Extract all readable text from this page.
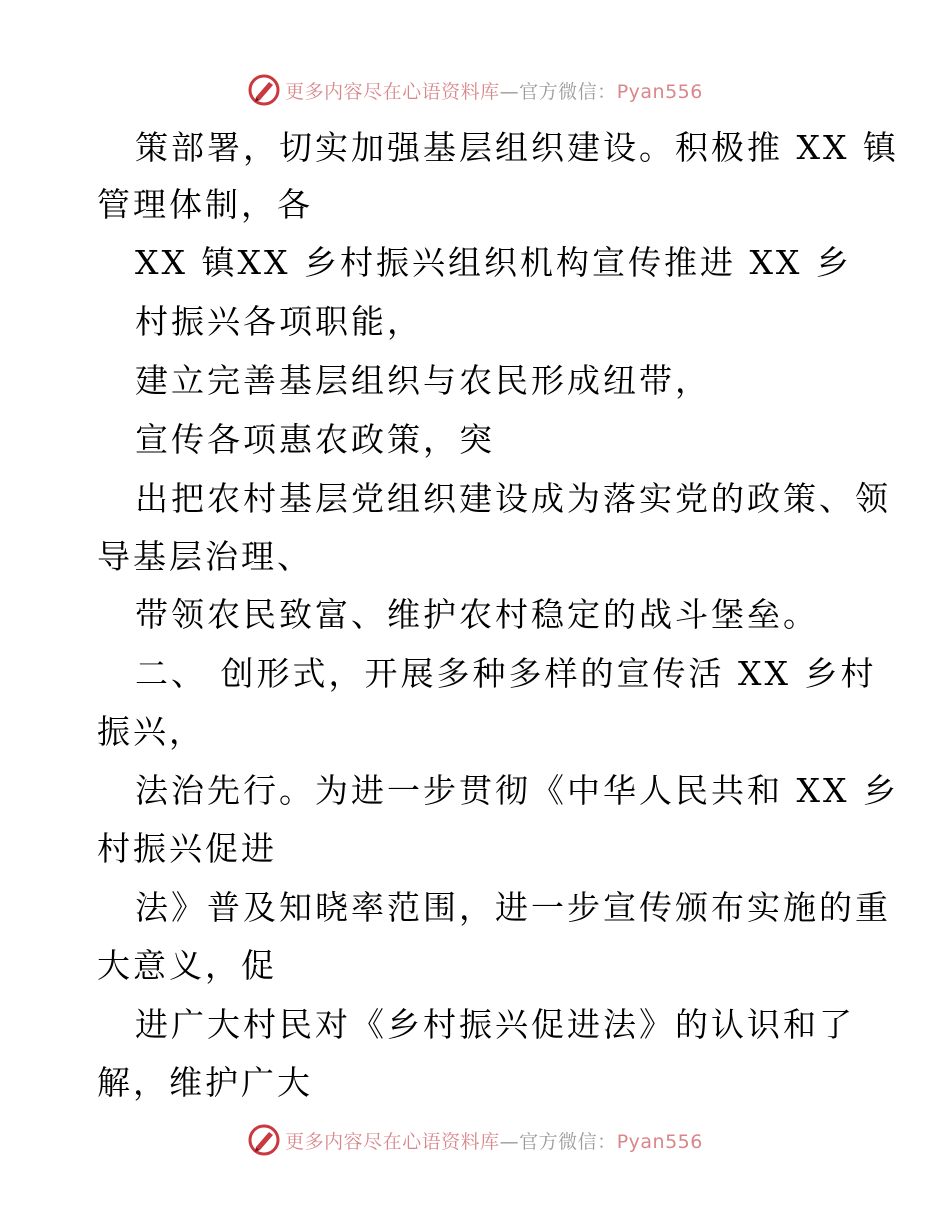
更多内容尽在心语资料库—官方微信：Pyan556

策部署，切实加强基层组织建设。积极推 XX 镇

管理体制，各

XX 镇XX 乡村振兴组织机构宣传推进 XX 乡

村振兴各项职能，

建立完善基层组织与农民形成纽带，

宣传各项惠农政策，突

出把农村基层党组织建设成为落实党的政策、领

导基层治理、

带领农民致富、维护农村稳定的战斗堡垒。

二、 创形式，开展多种多样的宣传活 XX 乡村

振兴，

法治先行。为进一步贯彻《中华人民共和 XX 乡

村振兴促进

法》普及知晓率范围，进一步宣传颁布实施的重

大意义，促

进广大村民对《乡村振兴促进法》的认识和了

解，维护广大

更多内容尽在心语资料库—官方微信：Pyan556
